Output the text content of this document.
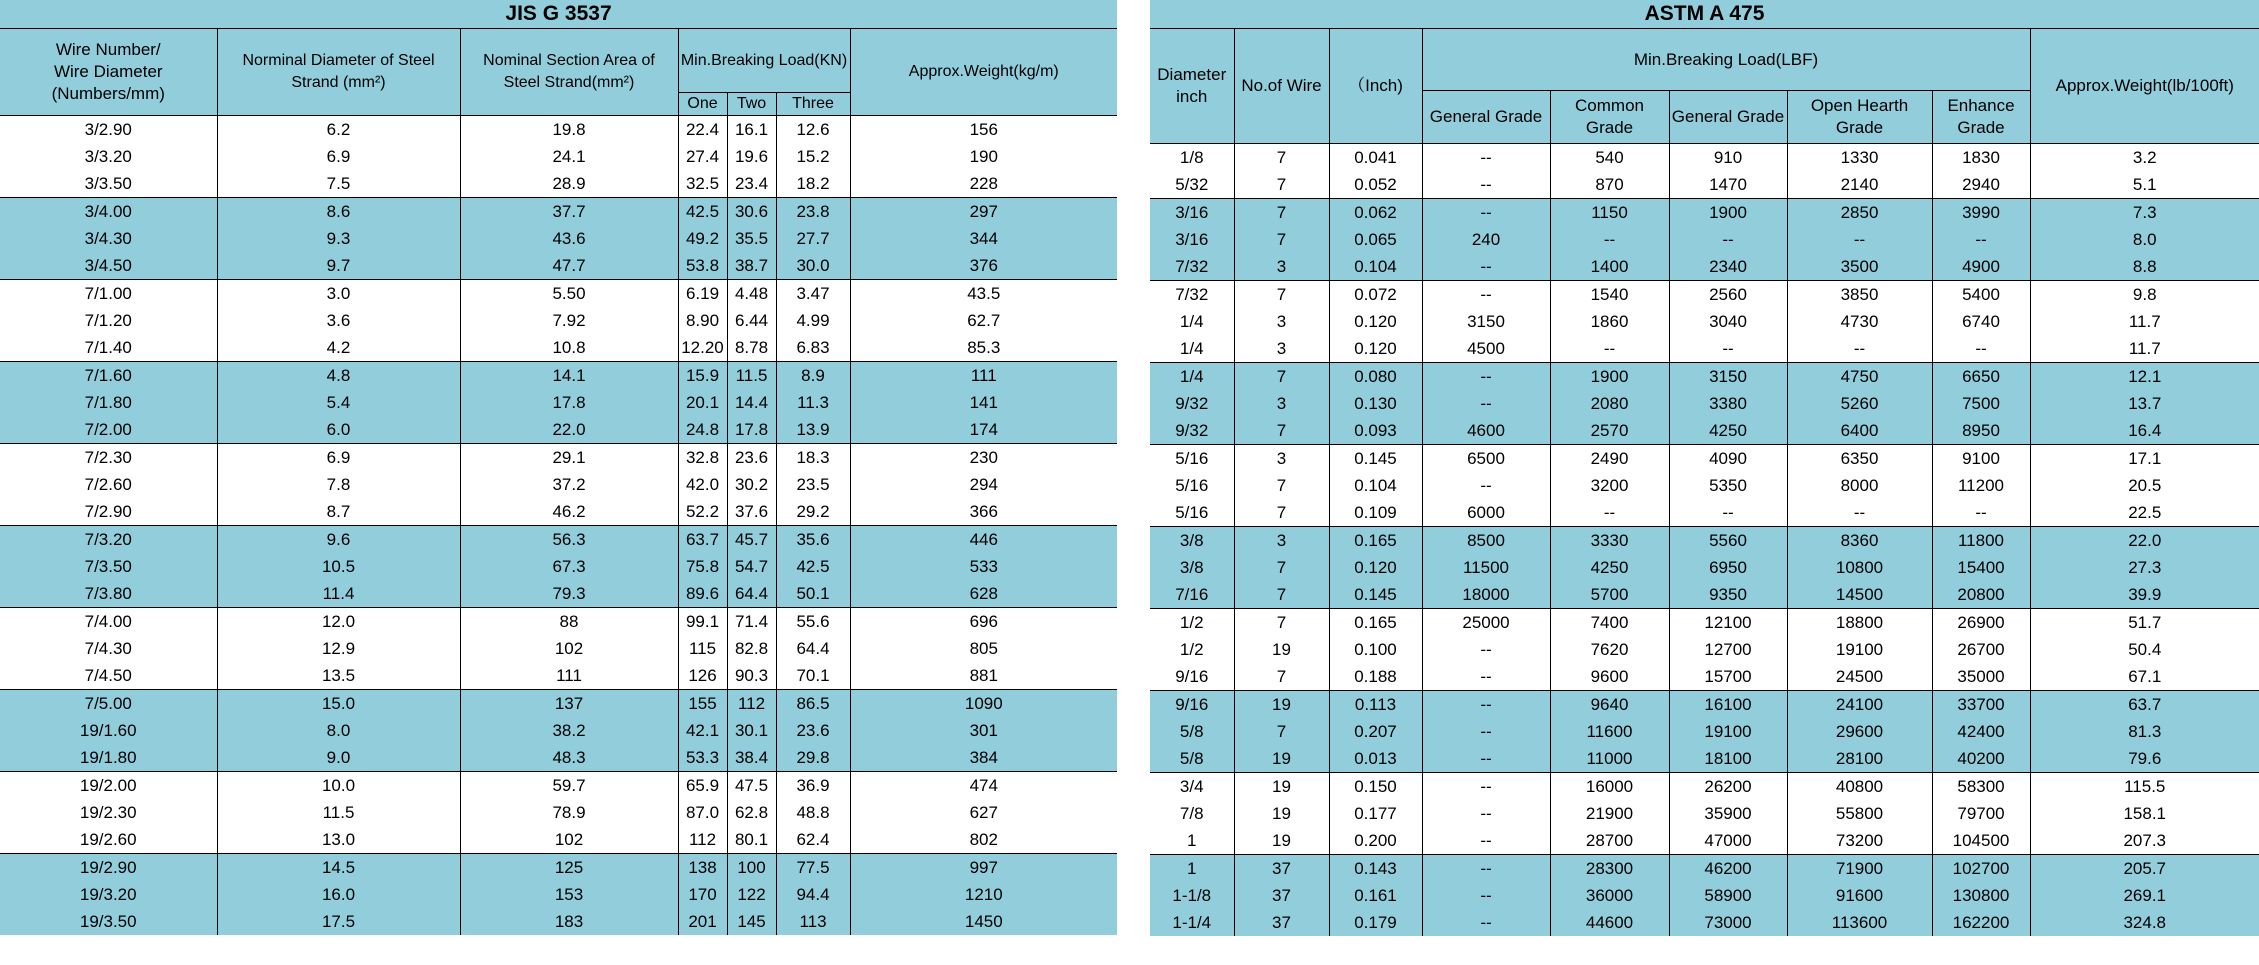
JIS G 3537						
Wire Number/
Wire Diameter
(Numbers/mm)	Norminal Diameter of Steel Strand (mm²)	Nominal Section Area of Steel Strand(mm²)	Min.Breaking Load(KN)			Approx.Weight(kg/m)
			One	Two	Three	
3/2.90	6.2	19.8	22.4	16.1	12.6	156
3/3.20	6.9	24.1	27.4	19.6	15.2	190
3/3.50	7.5	28.9	32.5	23.4	18.2	228
3/4.00	8.6	37.7	42.5	30.6	23.8	297
3/4.30	9.3	43.6	49.2	35.5	27.7	344
3/4.50	9.7	47.7	53.8	38.7	30.0	376
7/1.00	3.0	5.50	6.19	4.48	3.47	43.5
7/1.20	3.6	7.92	8.90	6.44	4.99	62.7
7/1.40	4.2	10.8	12.20	8.78	6.83	85.3
7/1.60	4.8	14.1	15.9	11.5	8.9	111
7/1.80	5.4	17.8	20.1	14.4	11.3	141
7/2.00	6.0	22.0	24.8	17.8	13.9	174
7/2.30	6.9	29.1	32.8	23.6	18.3	230
7/2.60	7.8	37.2	42.0	30.2	23.5	294
7/2.90	8.7	46.2	52.2	37.6	29.2	366
7/3.20	9.6	56.3	63.7	45.7	35.6	446
7/3.50	10.5	67.3	75.8	54.7	42.5	533
7/3.80	11.4	79.3	89.6	64.4	50.1	628
7/4.00	12.0	88	99.1	71.4	55.6	696
7/4.30	12.9	102	115	82.8	64.4	805
7/4.50	13.5	111	126	90.3	70.1	881
7/5.00	15.0	137	155	112	86.5	1090
19/1.60	8.0	38.2	42.1	30.1	23.6	301
19/1.80	9.0	48.3	53.3	38.4	29.8	384
19/2.00	10.0	59.7	65.9	47.5	36.9	474
19/2.30	11.5	78.9	87.0	62.8	48.8	627
19/2.60	13.0	102	112	80.1	62.4	802
19/2.90	14.5	125	138	100	77.5	997
19/3.20	16.0	153	170	122	94.4	1210
19/3.50	17.5	183	201	145	113	1450
ASTM A 475								
Diameter inch	No.of Wire	（Inch)	Min.Breaking Load(LBF)					Approx.Weight(lb/100ft)
			General Grade	Common Grade	General Grade	Open Hearth Grade	Enhance Grade	
1/8	7	0.041	--	540	910	1330	1830	3.2
5/32	7	0.052	--	870	1470	2140	2940	5.1
3/16	7	0.062	--	1150	1900	2850	3990	7.3
3/16	7	0.065	240	--	--	--	--	8.0
7/32	3	0.104	--	1400	2340	3500	4900	8.8
7/32	7	0.072	--	1540	2560	3850	5400	9.8
1/4	3	0.120	3150	1860	3040	4730	6740	11.7
1/4	3	0.120	4500	--	--	--	--	11.7
1/4	7	0.080	--	1900	3150	4750	6650	12.1
9/32	3	0.130	--	2080	3380	5260	7500	13.7
9/32	7	0.093	4600	2570	4250	6400	8950	16.4
5/16	3	0.145	6500	2490	4090	6350	9100	17.1
5/16	7	0.104	--	3200	5350	8000	11200	20.5
5/16	7	0.109	6000	--	--	--	--	22.5
3/8	3	0.165	8500	3330	5560	8360	11800	22.0
3/8	7	0.120	11500	4250	6950	10800	15400	27.3
7/16	7	0.145	18000	5700	9350	14500	20800	39.9
1/2	7	0.165	25000	7400	12100	18800	26900	51.7
1/2	19	0.100	--	7620	12700	19100	26700	50.4
9/16	7	0.188	--	9600	15700	24500	35000	67.1
9/16	19	0.113	--	9640	16100	24100	33700	63.7
5/8	7	0.207	--	11600	19100	29600	42400	81.3
5/8	19	0.013	--	11000	18100	28100	40200	79.6
3/4	19	0.150	--	16000	26200	40800	58300	115.5
7/8	19	0.177	--	21900	35900	55800	79700	158.1
1	19	0.200	--	28700	47000	73200	104500	207.3
1	37	0.143	--	28300	46200	71900	102700	205.7
1-1/8	37	0.161	--	36000	58900	91600	130800	269.1
1-1/4	37	0.179	--	44600	73000	113600	162200	324.8
